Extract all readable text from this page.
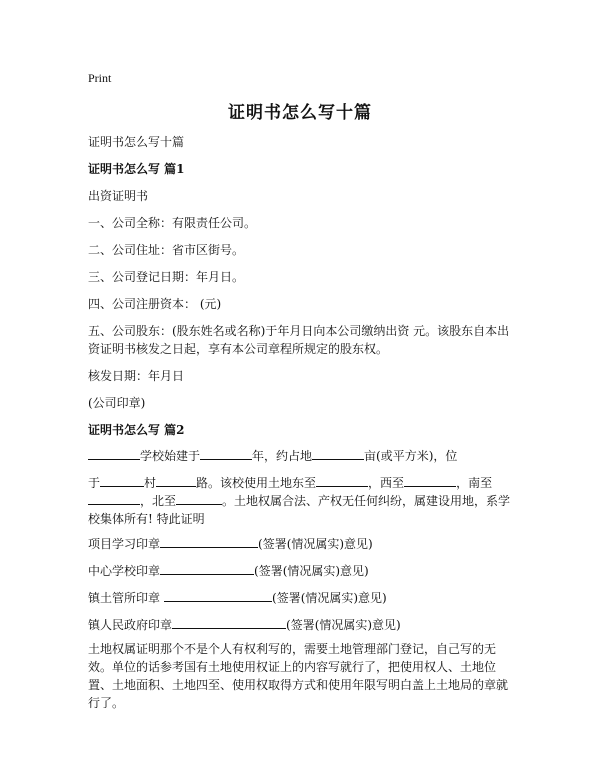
Print
证明书怎么写十篇
证明书怎么写十篇
证明书怎么写 篇1
出资证明书
一、公司全称：有限责任公司。
二、公司住址：省市区街号。
三、公司登记日期：年月日。
四、公司注册资本： (元)
五、公司股东：(股东姓名或名称)于年月日向本公司缴纳出资 元。该股东自本出资证明书核发之日起，享有本公司章程所规定的股东权。
核发日期：年月日
(公司印章)
证明书怎么写 篇2
学校始建于	年，约占地	亩(或平方米)，位
于	村	路。该校使用土地东至	，西至	，南至
，北至	。土地权属合法、产权无任何纠纷，属建设用地，系学
校集体所有! 特此证明
项目学习印章	(签署(情况属实)意见)
中心学校印章	(签署(情况属实)意见)
镇土管所印章	(签署(情况属实)意见)
镇人民政府印章	(签署(情况属实)意见)
土地权属证明那个不是个人有权利写的，需要土地管理部门登记，自己写的无效。单位的话参考国有土地使用权证上的内容写就行了，把使用权人、土地位置、土地面积、土地四至、使用权取得方式和使用年限写明白盖上土地局的章就行了。
